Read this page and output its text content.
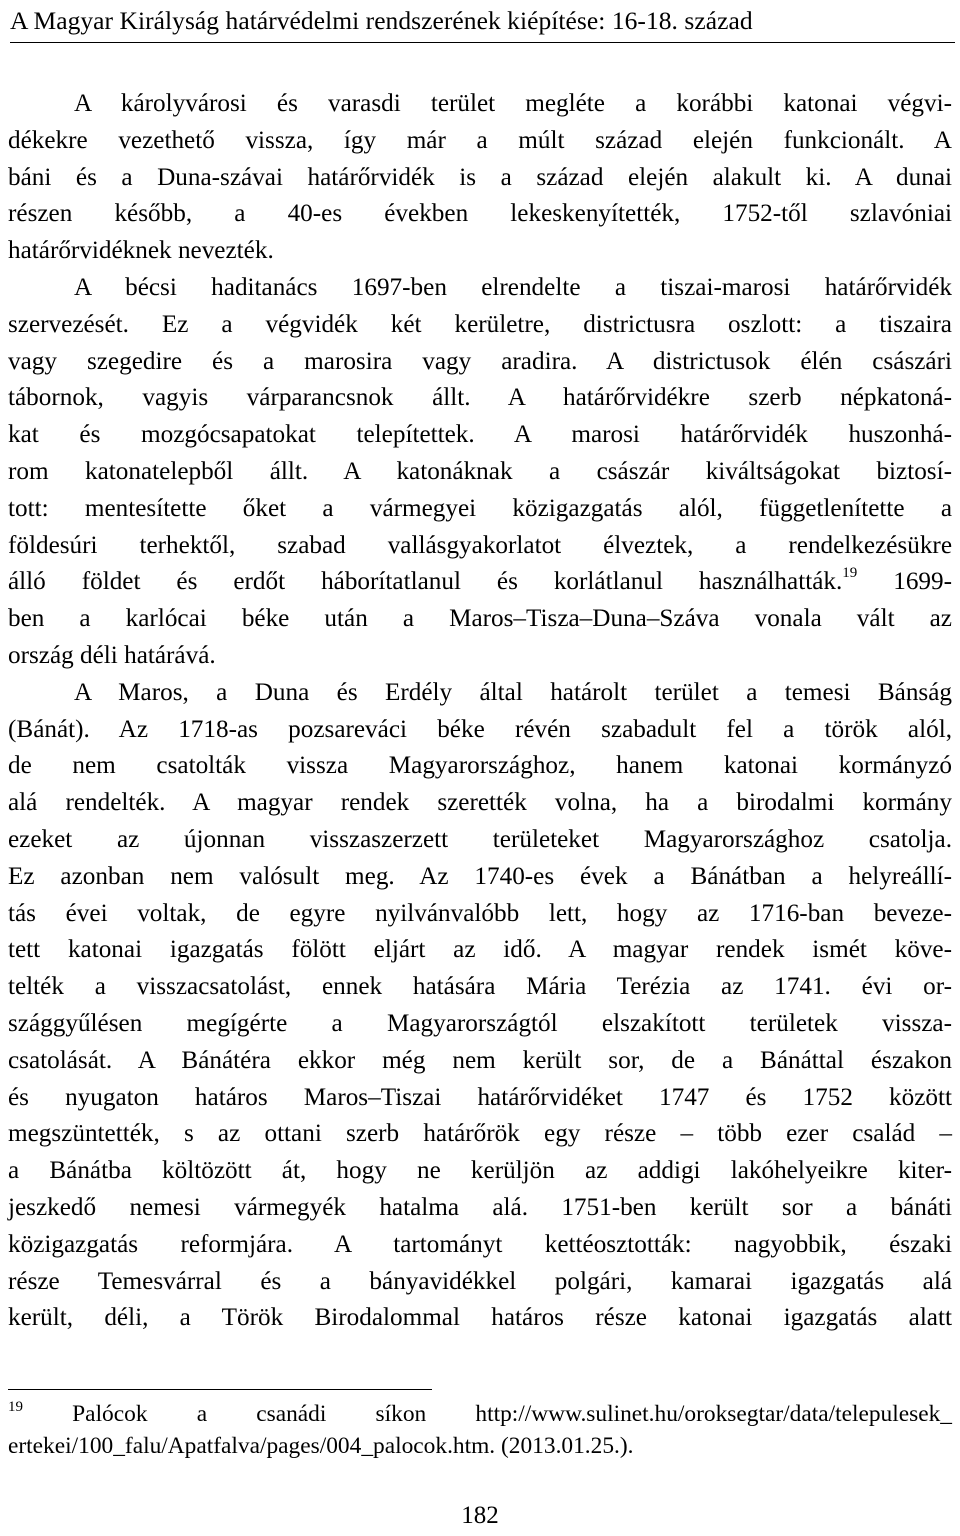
A Magyar Királyság határvédelmi rendszerének kiépítése: 16-18. század
A károlyvárosi és varasdi terület megléte a korábbi katonai végvi-
dékekre vezethető vissza, így már a múlt század elején funkcionált. A
báni és a Duna-szávai határőrvidék is a század elején alakult ki. A dunai
részen később, a 40-es években lekeskenyítették, 1752-től szlavóniai
határőrvidéknek nevezték.
A bécsi haditanács 1697-ben elrendelte a tiszai-marosi határőrvidék
szervezését. Ez a végvidék két kerületre, districtusra oszlott: a tiszaira
vagy szegedire és a marosira vagy aradira. A districtusok élén császári
tábornok, vagyis várparancsnok állt. A határőrvidékre szerb népkatoná-
kat és mozgócsapatokat telepítettek. A marosi határőrvidék huszonhá-
rom katonatelepből állt. A katonáknak a császár kiváltságokat biztosí-
tott: mentesítette őket a vármegyei közigazgatás alól, függetlenítette a
földesúri terhektől, szabad vallásgyakorlatot élveztek, a rendelkezésükre
álló földet és erdőt háborítatlanul és korlátlanul használhatták.$^{19}$ 1699-
ben a karlócai béke után a Maros–Tisza–Duna–Száva vonala vált az
ország déli határává.
A Maros, a Duna és Erdély által határolt terület a temesi Bánság
(Bánát). Az 1718-as pozsareváci béke révén szabadult fel a török alól,
de nem csatolták vissza Magyarországhoz, hanem katonai kormányzó
alá rendelték. A magyar rendek szerették volna, ha a birodalmi kormány
ezeket az újonnan visszaszerzett területeket Magyarországhoz csatolja.
Ez azonban nem valósult meg. Az 1740-es évek a Bánátban a helyreállí-
tás évei voltak, de egyre nyilvánvalóbb lett, hogy az 1716-ban beveze-
tett katonai igazgatás fölött eljárt az idő. A magyar rendek ismét köve-
telték a visszacsatolást, ennek hatására Mária Terézia az 1741. évi or-
szággyűlésen megígérte a Magyarországtól elszakított területek vissza-
csatolását. A Bánátéra ekkor még nem került sor, de a Bánáttal északon
és nyugaton határos Maros–Tiszai határőrvidéket 1747 és 1752 között
megszüntették, s az ottani szerb határőrök egy része – több ezer család –
a Bánátba költözött át, hogy ne kerüljön az addigi lakóhelyeikre kiter-
jeszkedő nemesi vármegyék hatalma alá. 1751-ben került sor a bánáti
közigazgatás reformjára. A tartományt kettéosztották: nagyobbik, északi
része Temesvárral és a bányavidékkel polgári, kamarai igazgatás alá
került, déli, a Török Birodalommal határos része katonai igazgatás alatt
$^{19}$ Palócok a csanádi síkon http://www.sulinet.hu/oroksegtar/data/telepulesek_
ertekei/100_falu/Apatfalva/pages/004_palocok.htm. (2013.01.25.).
182
